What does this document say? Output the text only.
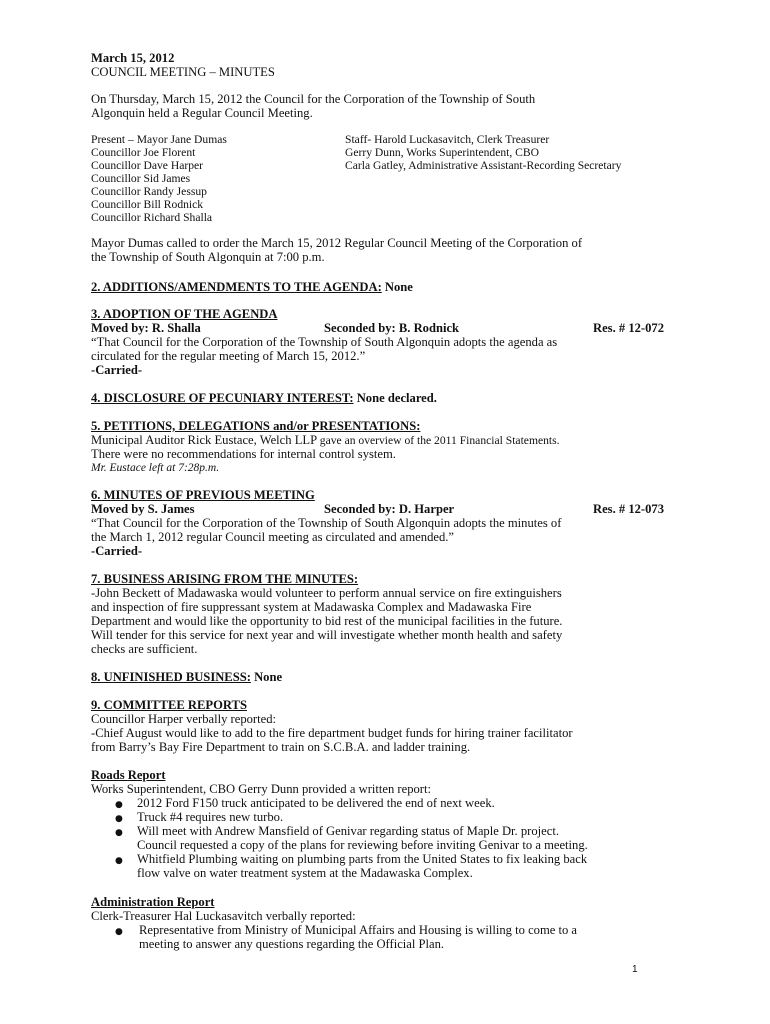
March 15, 2012
COUNCIL MEETING – MINUTES
On Thursday, March 15, 2012 the Council for the Corporation of the Township of South
Algonquin held a Regular Council Meeting.
Present – Mayor Jane Dumas
Councillor Joe Florent
Councillor Dave Harper
Councillor Sid James
Councillor Randy Jessup
Councillor Bill Rodnick
Councillor Richard Shalla
Staff- Harold Luckasavitch, Clerk Treasurer
Gerry Dunn, Works Superintendent, CBO
Carla Gatley, Administrative Assistant-Recording Secretary
Mayor Dumas called to order the March 15, 2012 Regular Council Meeting of the Corporation of
the Township of South Algonquin at 7:00 p.m.
2. ADDITIONS/AMENDMENTS TO THE AGENDA: None
3. ADOPTION OF THE AGENDA
Moved by: R. Shalla	Seconded by: B. Rodnick	Res. # 12-072
“That Council for the Corporation of the Township of South Algonquin adopts the agenda as
circulated for the regular meeting of March 15, 2012.”
-Carried-
4. DISCLOSURE OF PECUNIARY INTEREST: None declared.
5. PETITIONS, DELEGATIONS and/or PRESENTATIONS:
Municipal Auditor Rick Eustace, Welch LLP gave an overview of the 2011 Financial Statements.
There were no recommendations for internal control system.
Mr. Eustace left at 7:28p.m.
6. MINUTES OF PREVIOUS MEETING
Moved by S. James	Seconded by: D. Harper	Res. # 12-073
“That Council for the Corporation of the Township of South Algonquin adopts the minutes of
the March 1, 2012 regular Council meeting as circulated and amended.”
-Carried-
7. BUSINESS ARISING FROM THE MINUTES:
-John Beckett of Madawaska would volunteer to perform annual service on fire extinguishers
and inspection of fire suppressant system at Madawaska Complex and Madawaska Fire
Department and would like the opportunity to bid rest of the municipal facilities in the future.
Will tender for this service for next year and will investigate whether month health and safety
checks are sufficient.
8. UNFINISHED BUSINESS: None
9. COMMITTEE REPORTS
Councillor Harper verbally reported:
-Chief August would like to add to the fire department budget funds for hiring trainer facilitator
from Barry’s Bay Fire Department to train on S.C.B.A. and ladder training.
Roads Report
Works Superintendent, CBO Gerry Dunn provided a written report:
● 2012 Ford F150 truck anticipated to be delivered the end of next week.
● Truck #4 requires new turbo.
● Will meet with Andrew Mansfield of Genivar regarding status of Maple Dr. project.
Council requested a copy of the plans for reviewing before inviting Genivar to a meeting.
● Whitfield Plumbing waiting on plumbing parts from the United States to fix leaking back
flow valve on water treatment system at the Madawaska Complex.
Administration Report
Clerk-Treasurer Hal Luckasavitch verbally reported:
● Representative from Ministry of Municipal Affairs and Housing is willing to come to a
meeting to answer any questions regarding the Official Plan.
1
